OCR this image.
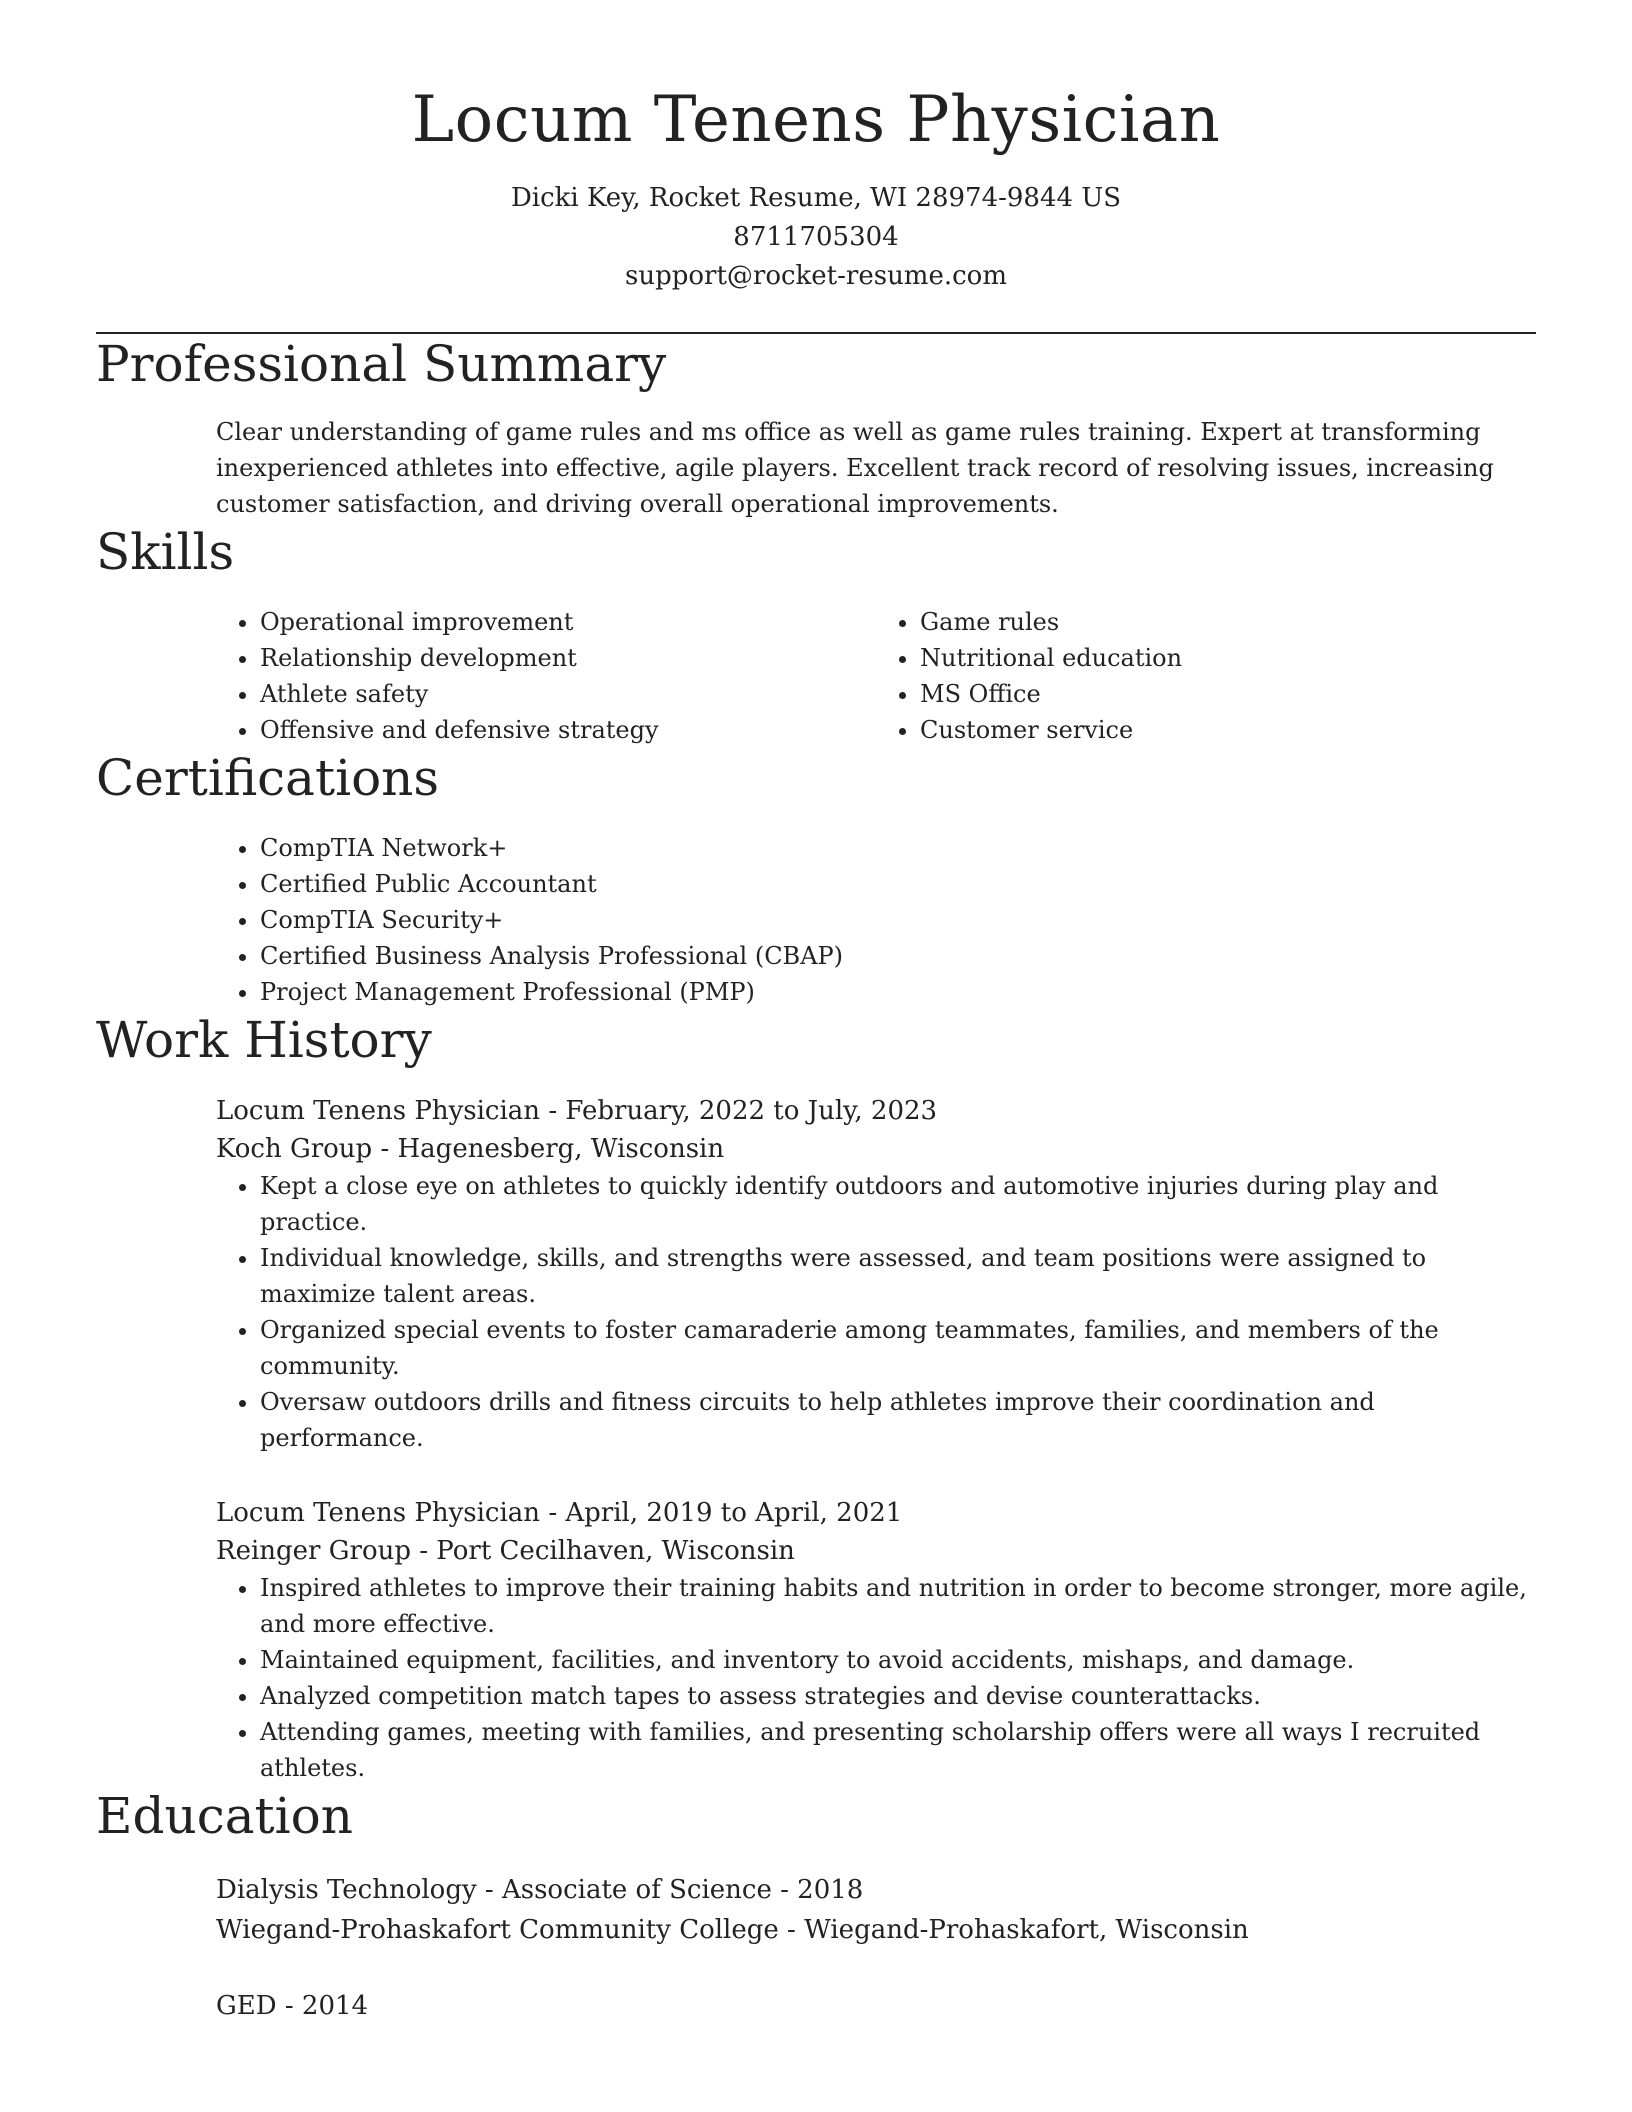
Locum Tenens Physician
Dicki Key, Rocket Resume, WI 28974-9844 US
8711705304
support@rocket-resume.com
Professional Summary

Clear understanding of game rules and ms office as well as game rules training. Expert at transforming inexperienced athletes into effective, agile players. Excellent track record of resolving issues, increasing customer satisfaction, and driving overall operational improvements.

Skills
• Operational improvement
• Relationship development
• Athlete safety
• Offensive and defensive strategy
• Game rules
• Nutritional education
• MS Office
• Customer service
Certifications
• CompTIA Network+
• Certified Public Accountant
• CompTIA Security+
• Certified Business Analysis Professional (CBAP)
• Project Management Professional (PMP)
Work History
Locum Tenens Physician - February, 2022 to July, 2023
Koch Group - Hagenesberg, Wisconsin
• Kept a close eye on athletes to quickly identify outdoors and automotive injuries during play and practice.
• Individual knowledge, skills, and strengths were assessed, and team positions were assigned to maximize talent areas.
• Organized special events to foster camaraderie among teammates, families, and members of the community.
• Oversaw outdoors drills and fitness circuits to help athletes improve their coordination and performance.
Locum Tenens Physician - April, 2019 to April, 2021
Reinger Group - Port Cecilhaven, Wisconsin
• Inspired athletes to improve their training habits and nutrition in order to become stronger, more agile, and more effective.
• Maintained equipment, facilities, and inventory to avoid accidents, mishaps, and damage.
• Analyzed competition match tapes to assess strategies and devise counterattacks.
• Attending games, meeting with families, and presenting scholarship offers were all ways I recruited athletes.
Education
Dialysis Technology - Associate of Science - 2018
Wiegand-Prohaskafort Community College - Wiegand-Prohaskafort, Wisconsin
GED - 2014
